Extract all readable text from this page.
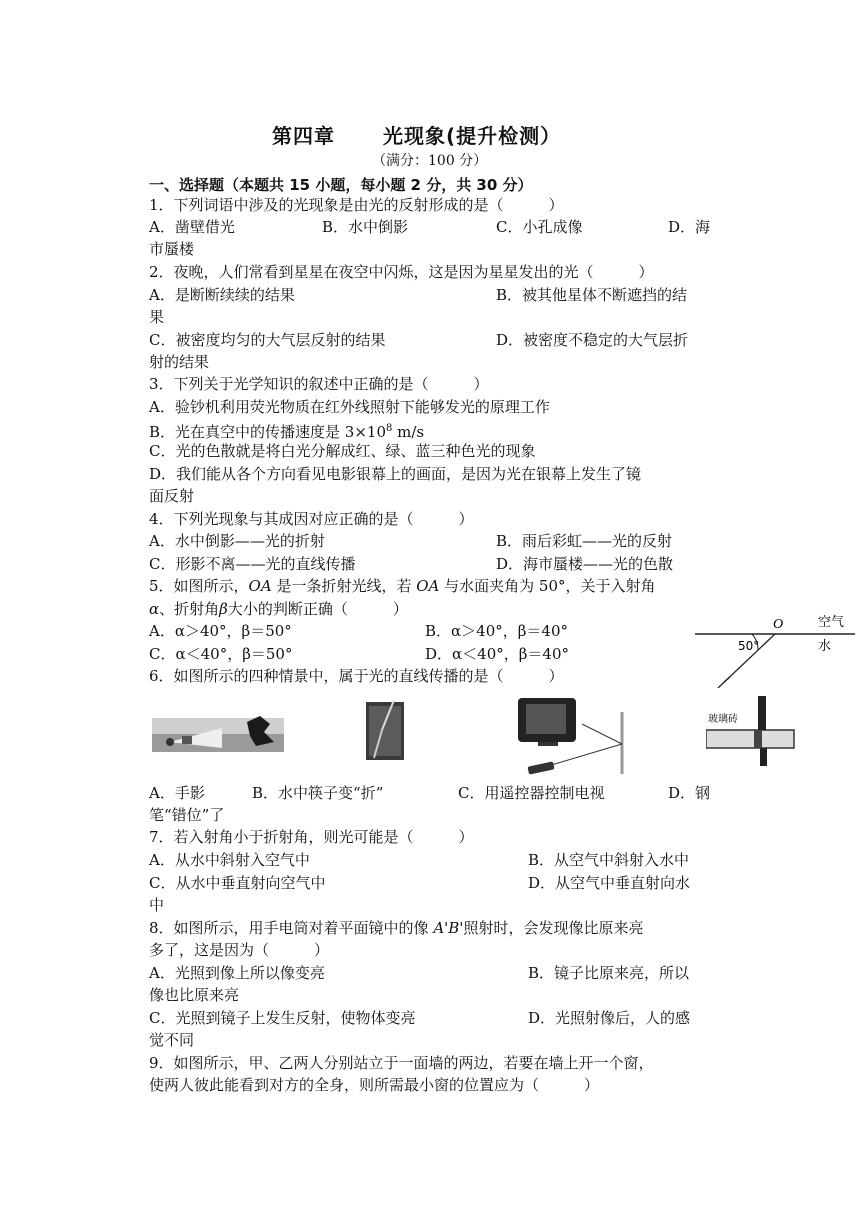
第四章 光现象(提升检测）
（满分：100 分）
一、选择题（本题共 15 小题，每小题 2 分，共 30 分）
1．下列词语中涉及的光现象是由光的反射形成的是（　　　）
A．凿壁借光	B．水中倒影	C．小孔成像	D．海
市蜃楼
2．夜晚，人们常看到星星在夜空中闪烁，这是因为星星发出的光（　　　）
A．是断断续续的结果	B．被其他星体不断遮挡的结
果
C．被密度均匀的大气层反射的结果	D．被密度不稳定的大气层折
射的结果
3．下列关于光学知识的叙述中正确的是（　　　）
A．验钞机利用荧光物质在红外线照射下能够发光的原理工作
B．光在真空中的传播速度是 $3\times 10^8$ m/s
C．光的色散就是将白光分解成红、绿、蓝三种色光的现象
D．我们能从各个方向看见电影银幕上的画面，是因为光在银幕上发生了镜
面反射
4．下列光现象与其成因对应正确的是（　　　）
A．水中倒影——光的折射	B．雨后彩虹——光的反射
C．形影不离——光的直线传播	D．海市蜃楼——光的色散
5．如图所示，OA 是一条折射光线，若 OA 与水面夹角为 50°，关于入射角
α、折射角β大小的判断正确（　　　）
A．α＞40°，β＝50°	B．α＞40°，β＝40°
C．α＜40°，β＝50°	D．α＜40°，β＝40°
O	空气
水
50°
6．如图所示的四种情景中，属于光的直线传播的是（　　　）
玻璃砖
A．手影	B．水中筷子变“折”	C．用遥控器控制电视	D．钢
笔“错位”了
7．若入射角小于折射角，则光可能是（　　　）
A．从水中斜射入空气中	B．从空气中斜射入水中
C．从水中垂直射向空气中	D．从空气中垂直射向水
中
8．如图所示，用手电筒对着平面镜中的像 A'B'照射时，会发现像比原来亮
多了，这是因为（　　　）
A．光照到像上所以像变亮	B．镜子比原来亮，所以
像也比原来亮
C．光照到镜子上发生反射，使物体变亮	D．光照射像后，人的感
觉不同
9．如图所示，甲、乙两人分别站立于一面墙的两边，若要在墙上开一个窗，
使两人彼此能看到对方的全身，则所需最小窗的位置应为（　　　）
